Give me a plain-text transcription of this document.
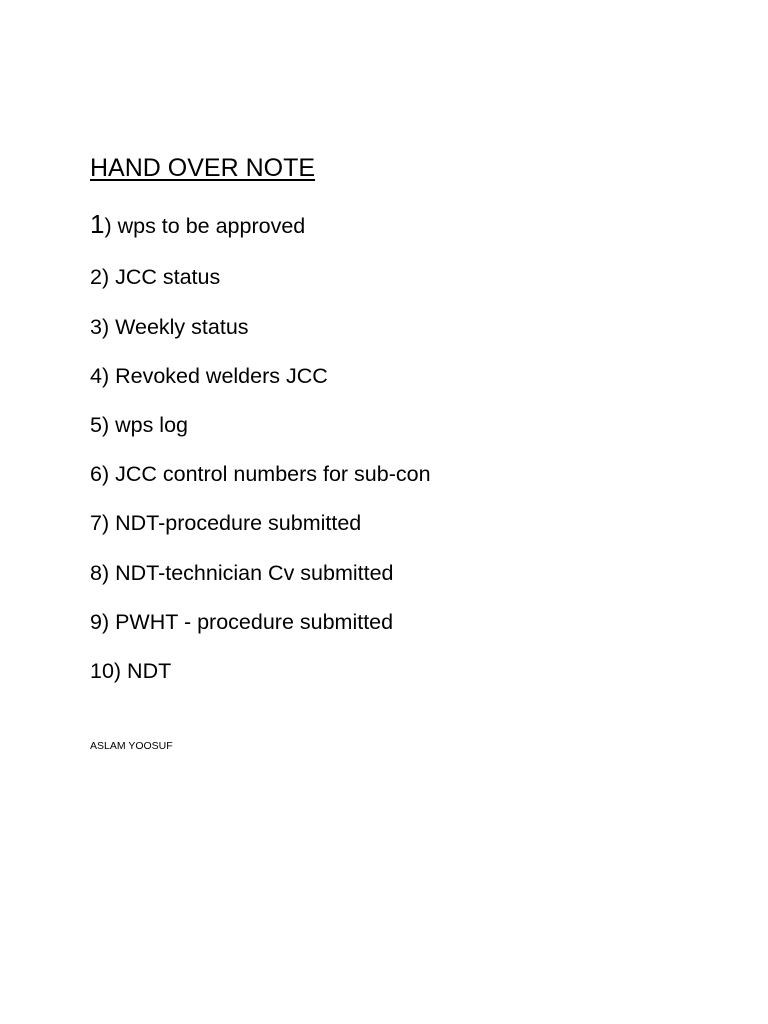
HAND OVER NOTE
1) wps to be approved
2) JCC status
3) Weekly status
4) Revoked welders JCC
5) wps log
6) JCC control numbers for sub-con
7) NDT-procedure submitted
8) NDT-technician Cv submitted
9) PWHT - procedure submitted
10) NDT
ASLAM YOOSUF
